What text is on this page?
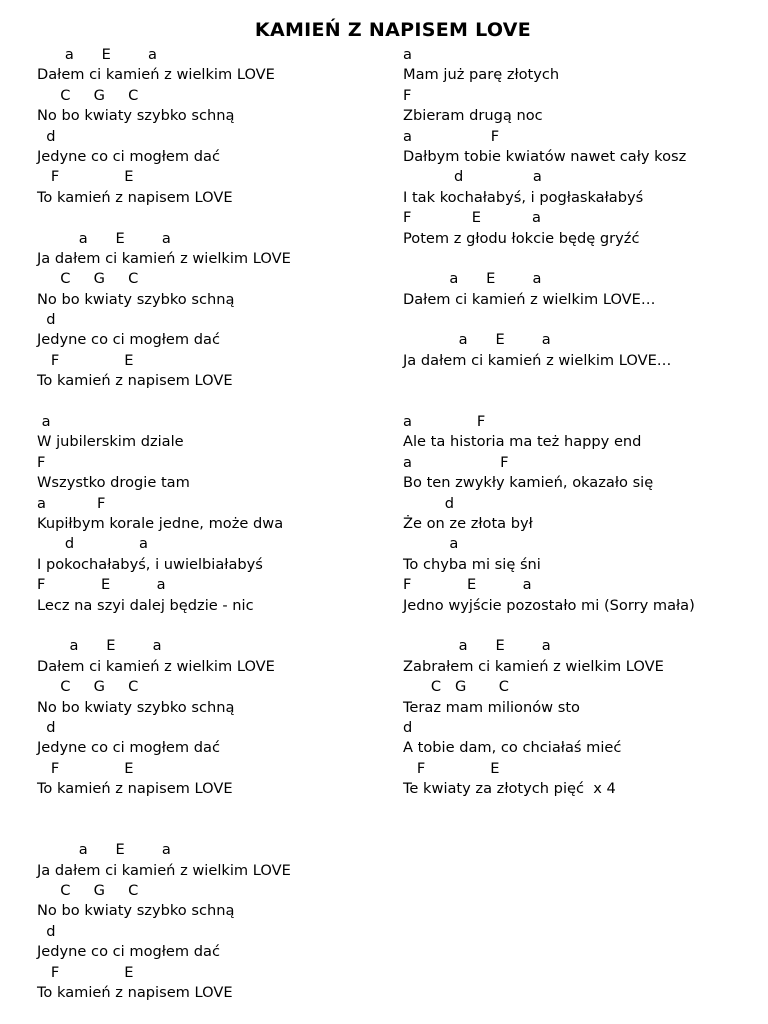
KAMIEŃ Z NAPISEM LOVE
a      E        a
Dałem ci kamień z wielkim LOVE
C     G     C
No bo kwiaty szybko schną
d
Jedyne co ci mogłem dać
F              E
To kamień z napisem LOVE
a      E        a
Ja dałem ci kamień z wielkim LOVE
C     G     C
No bo kwiaty szybko schną
d
Jedyne co ci mogłem dać
F              E
To kamień z napisem LOVE
a
W jubilerskim dziale
F
Wszystko drogie tam
a           F
Kupiłbym korale jedne, może dwa
d              a
I pokochałabyś, i uwielbiałabyś
F            E          a
Lecz na szyi dalej będzie - nic
a      E        a
Dałem ci kamień z wielkim LOVE
C     G     C
No bo kwiaty szybko schną
d
Jedyne co ci mogłem dać
F              E
To kamień z napisem LOVE
a      E        a
Ja dałem ci kamień z wielkim LOVE
C     G     C
No bo kwiaty szybko schną
d
Jedyne co ci mogłem dać
F              E
To kamień z napisem LOVE
a
Mam już parę złotych
F
Zbieram drugą noc
a                 F
Dałbym tobie kwiatów nawet cały kosz
d               a
I tak kochałabyś, i pogłaskałabyś
F             E           a
Potem z głodu łokcie będę gryźć
a      E        a
Dałem ci kamień z wielkim LOVE…
a      E        a
Ja dałem ci kamień z wielkim LOVE…
a              F
Ale ta historia ma też happy end
a                   F
Bo ten zwykły kamień, okazało się
d
Że on ze złota był
a
To chyba mi się śni
F            E          a
Jedno wyjście pozostało mi (Sorry mała)
a      E        a
Zabrałem ci kamień z wielkim LOVE
C   G       C
Teraz mam milionów sto
d
A tobie dam, co chciałaś mieć
F              E
Te kwiaty za złotych pięć  x 4
